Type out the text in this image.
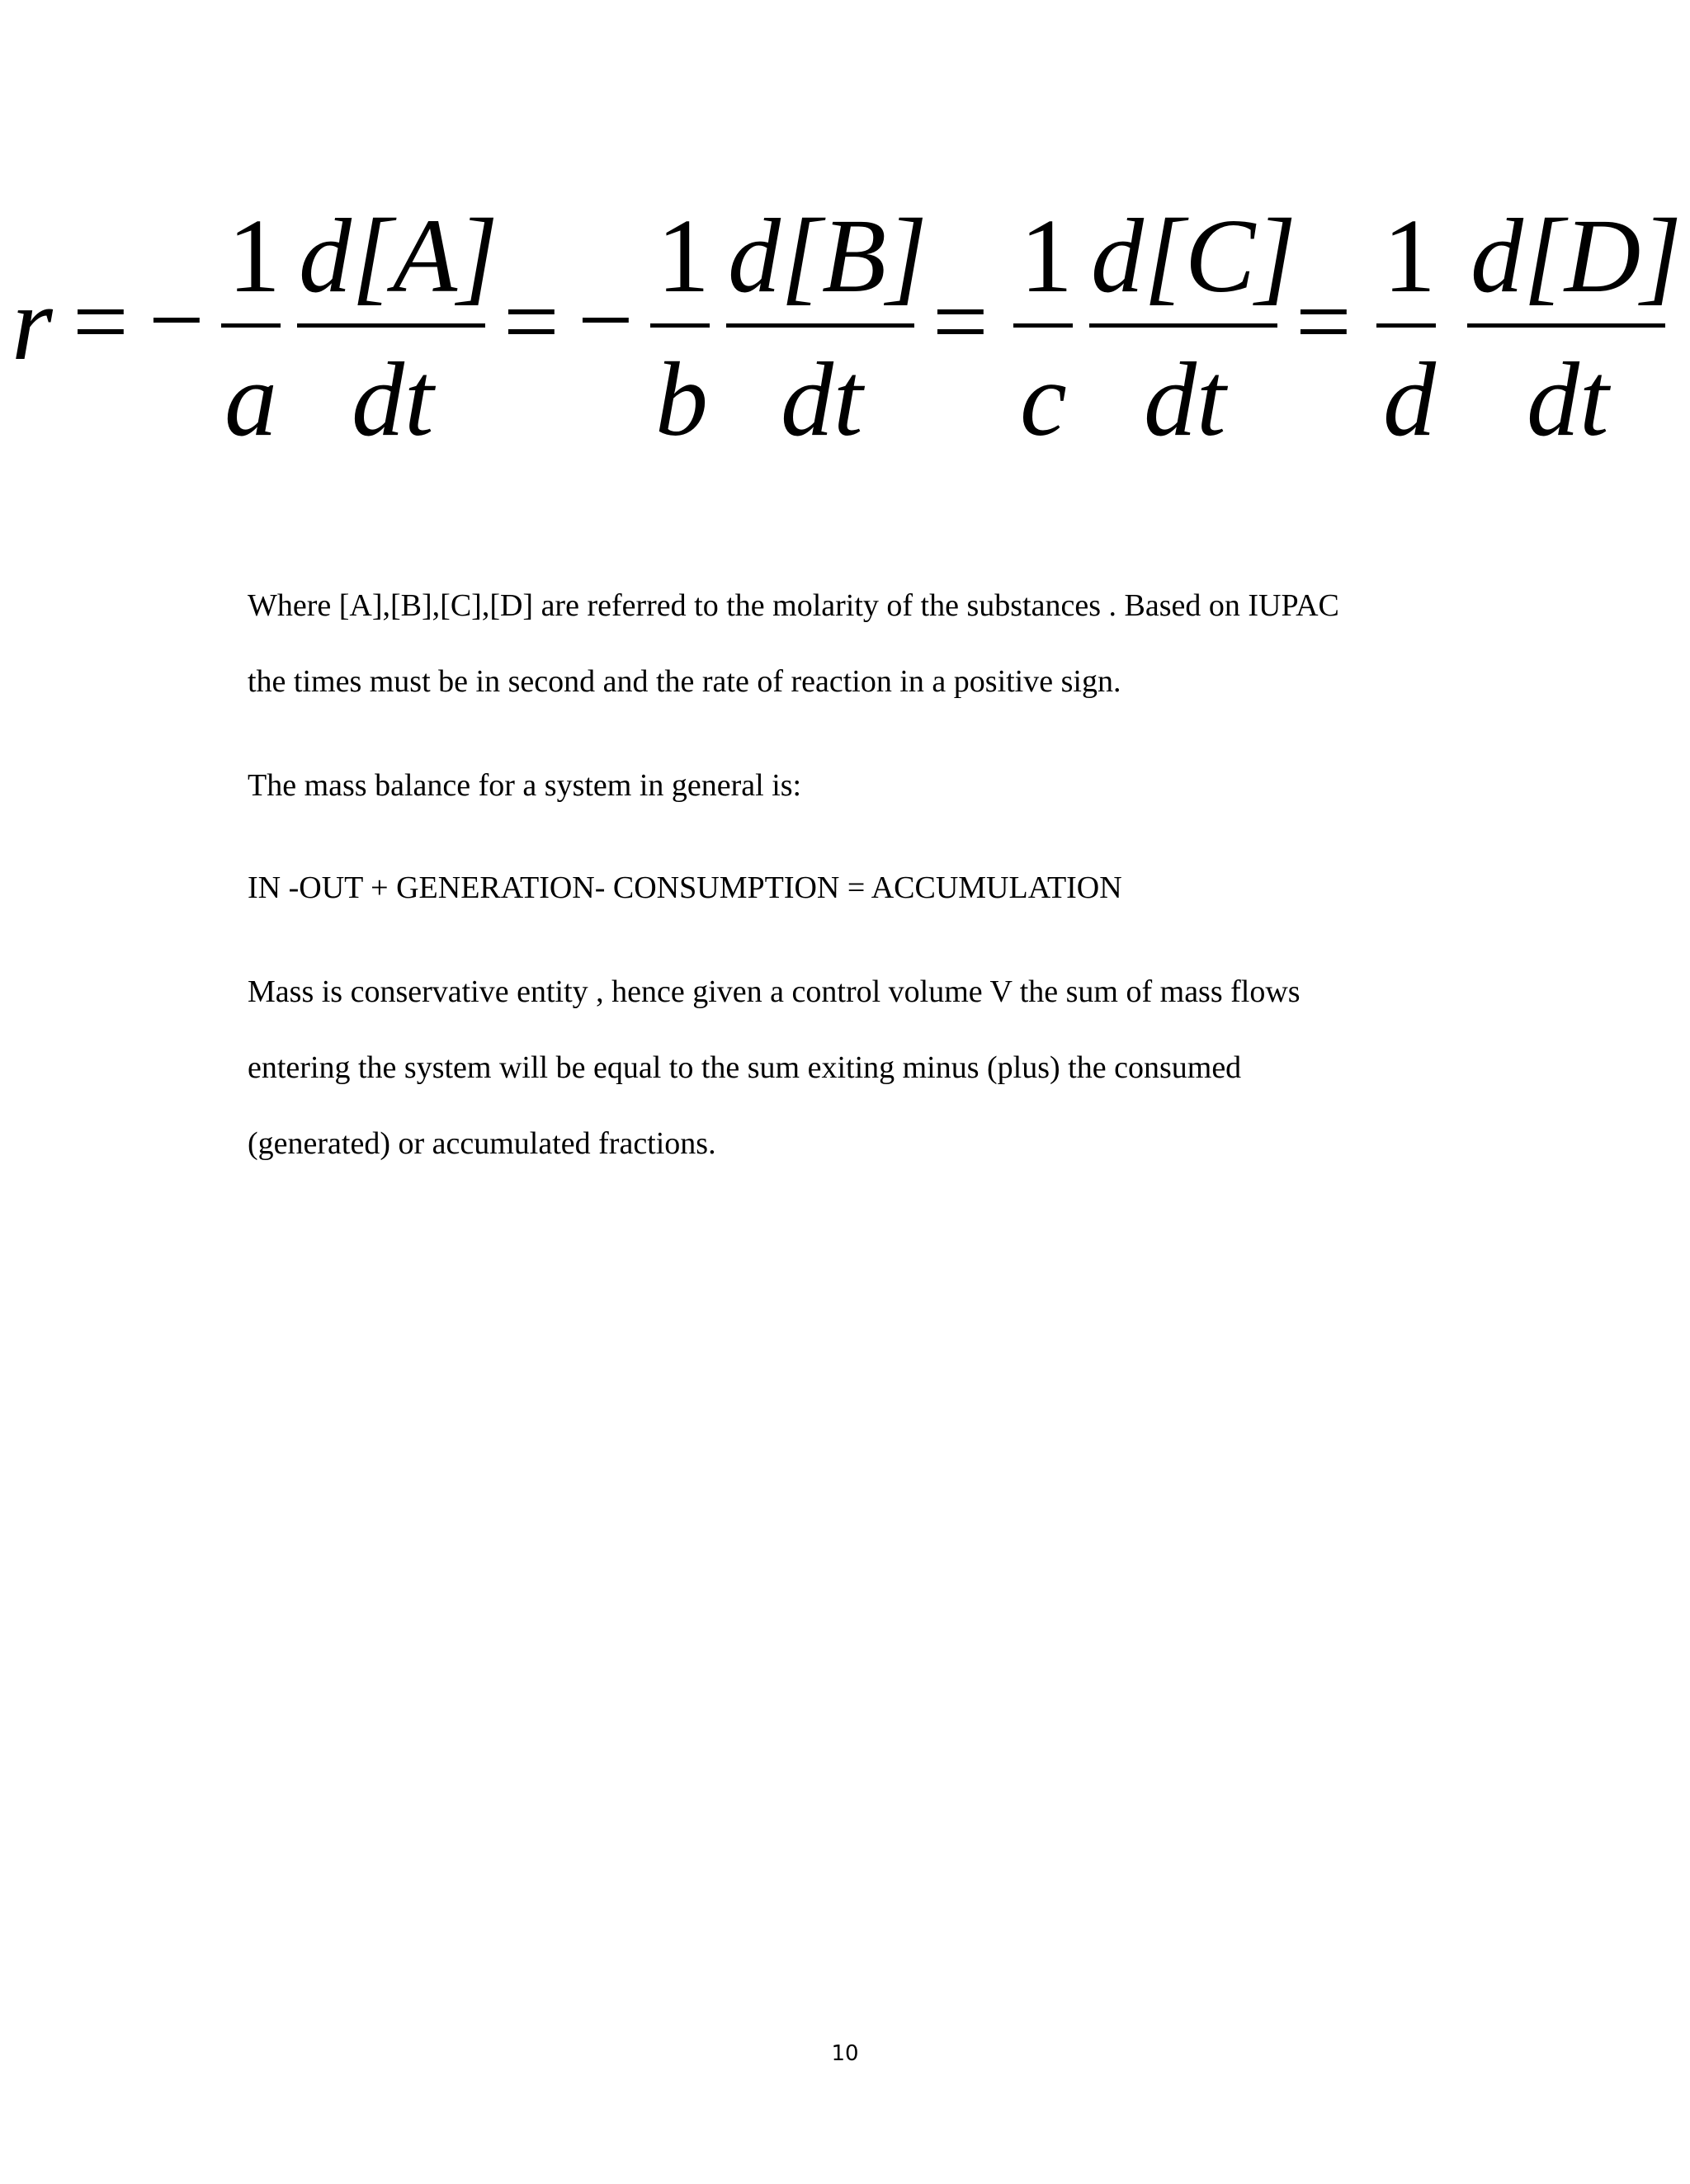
r = −
1
a
d[A]
dt
= −
1
b
d[B]
dt
=
1
c
d[C]
dt
=
1
d
d[D]
dt
Where [A],[B],[C],[D] are referred to the molarity of the substances . Based on IUPAC
the times must be in second and the rate of reaction in a positive sign.
The mass balance for a system in general is:
IN -OUT + GENERATION- CONSUMPTION = ACCUMULATION
Mass is conservative entity , hence given a control volume V the sum of mass flows
entering the system will be equal to the sum exiting minus (plus) the consumed
(generated) or accumulated fractions.
10
